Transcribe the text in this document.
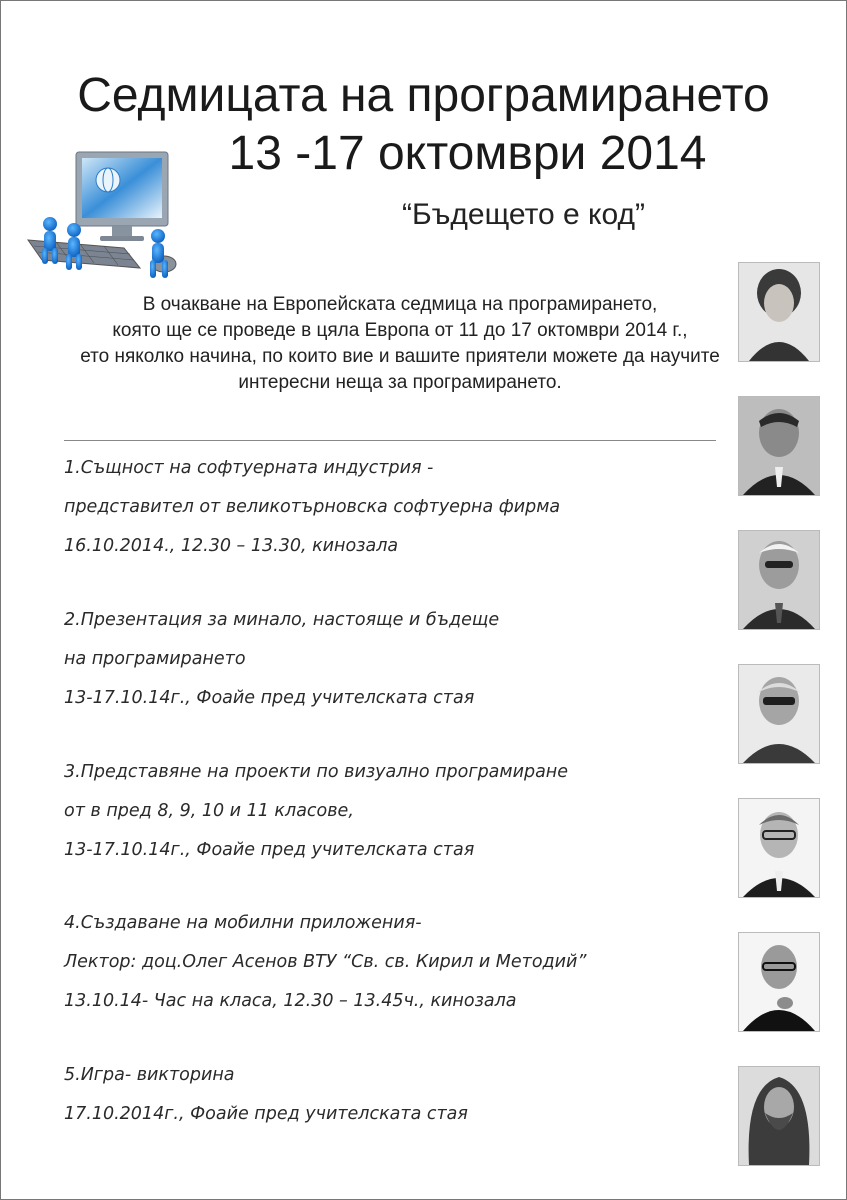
Седмицата на програмирането
13 -17 октомври 2014
“Бъдещето е код”
В очакване на Европейската седмица на програмирането,
която ще се проведе в цяла Европа от 11 до 17 октомври 2014 г.,
ето няколко начина, по които вие и вашите приятели можете да научите
интересни неща за програмирането.
1.Същност на софтуерната индустрия -
представител от великотърновска софтуерна фирма
16.10.2014., 12.30 – 13.30, кинозала
2.Презентация за минало, настояще и бъдеще
на програмирането
13-17.10.14г., Фоайе пред учителската стая
3.Представяне на проекти по визуално програмиране
от в пред 8, 9, 10 и 11 класове,
13-17.10.14г., Фоайе пред учителската стая
4.Създаване на мобилни приложения-
Лектор: доц.Олег Асенов ВТУ “Св. св. Кирил и Методий”
13.10.14- Час на класа, 12.30 – 13.45ч., кинозала
5.Игра- викторина
17.10.2014г., Фоайе пред учителската стая
